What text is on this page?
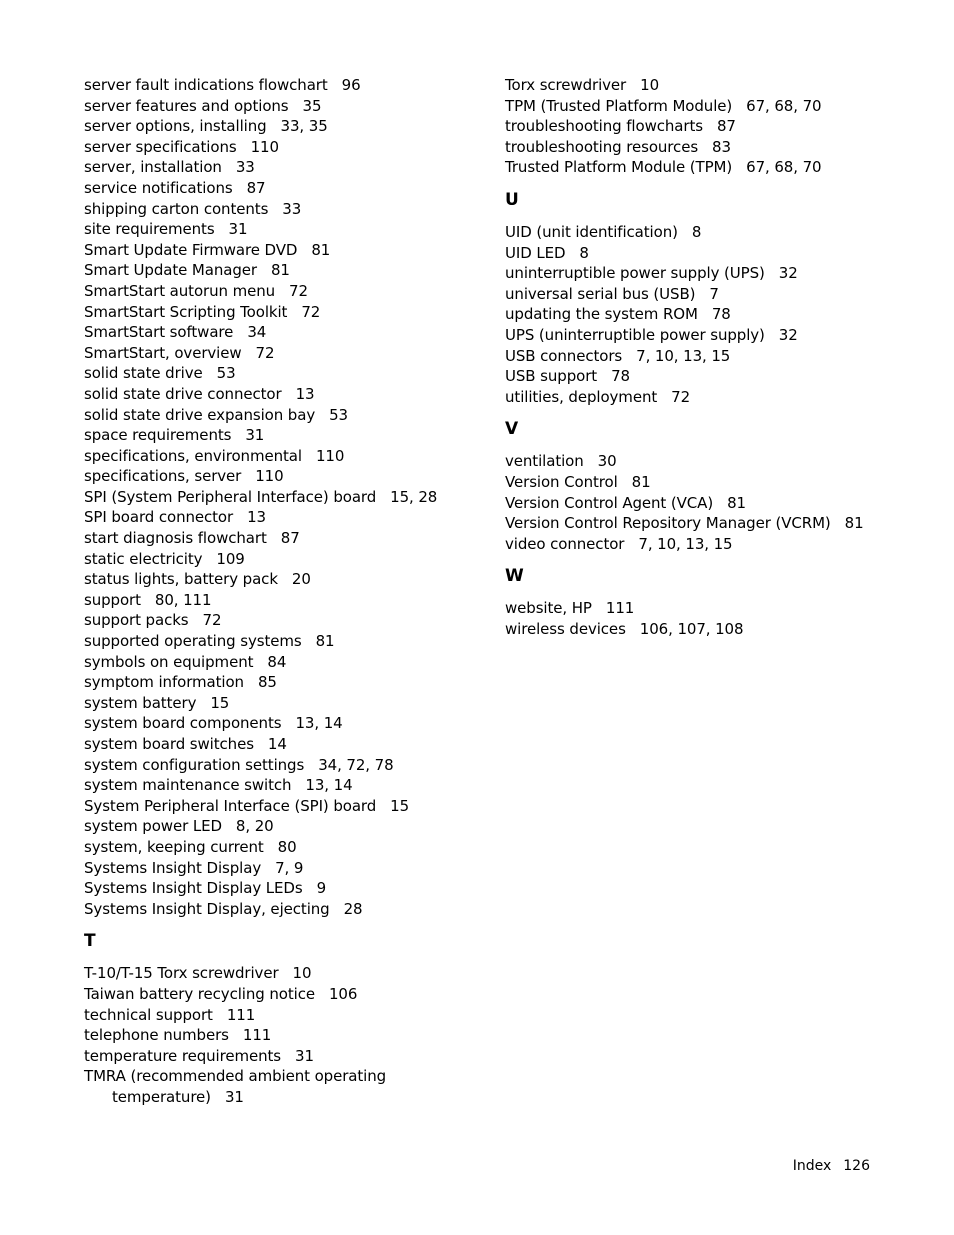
server fault indications flowchart 96
server features and options 35
server options, installing 33, 35
server specifications 110
server, installation 33
service notifications 87
shipping carton contents 33
site requirements 31
Smart Update Firmware DVD 81
Smart Update Manager 81
SmartStart autorun menu 72
SmartStart Scripting Toolkit 72
SmartStart software 34
SmartStart, overview 72
solid state drive 53
solid state drive connector 13
solid state drive expansion bay 53
space requirements 31
specifications, environmental 110
specifications, server 110
SPI (System Peripheral Interface) board 15, 28
SPI board connector 13
start diagnosis flowchart 87
static electricity 109
status lights, battery pack 20
support 80, 111
support packs 72
supported operating systems 81
symbols on equipment 84
symptom information 85
system battery 15
system board components 13, 14
system board switches 14
system configuration settings 34, 72, 78
system maintenance switch 13, 14
System Peripheral Interface (SPI) board 15
system power LED 8, 20
system, keeping current 80
Systems Insight Display 7, 9
Systems Insight Display LEDs 9
Systems Insight Display, ejecting 28
T
T-10/T-15 Torx screwdriver 10
Taiwan battery recycling notice 106
technical support 111
telephone numbers 111
temperature requirements 31
TMRA (recommended ambient operating
temperature) 31
Torx screwdriver 10
TPM (Trusted Platform Module) 67, 68, 70
troubleshooting flowcharts 87
troubleshooting resources 83
Trusted Platform Module (TPM) 67, 68, 70
U
UID (unit identification) 8
UID LED 8
uninterruptible power supply (UPS) 32
universal serial bus (USB) 7
updating the system ROM 78
UPS (uninterruptible power supply) 32
USB connectors 7, 10, 13, 15
USB support 78
utilities, deployment 72
V
ventilation 30
Version Control 81
Version Control Agent (VCA) 81
Version Control Repository Manager (VCRM) 81
video connector 7, 10, 13, 15
W
website, HP 111
wireless devices 106, 107, 108
Index 126
